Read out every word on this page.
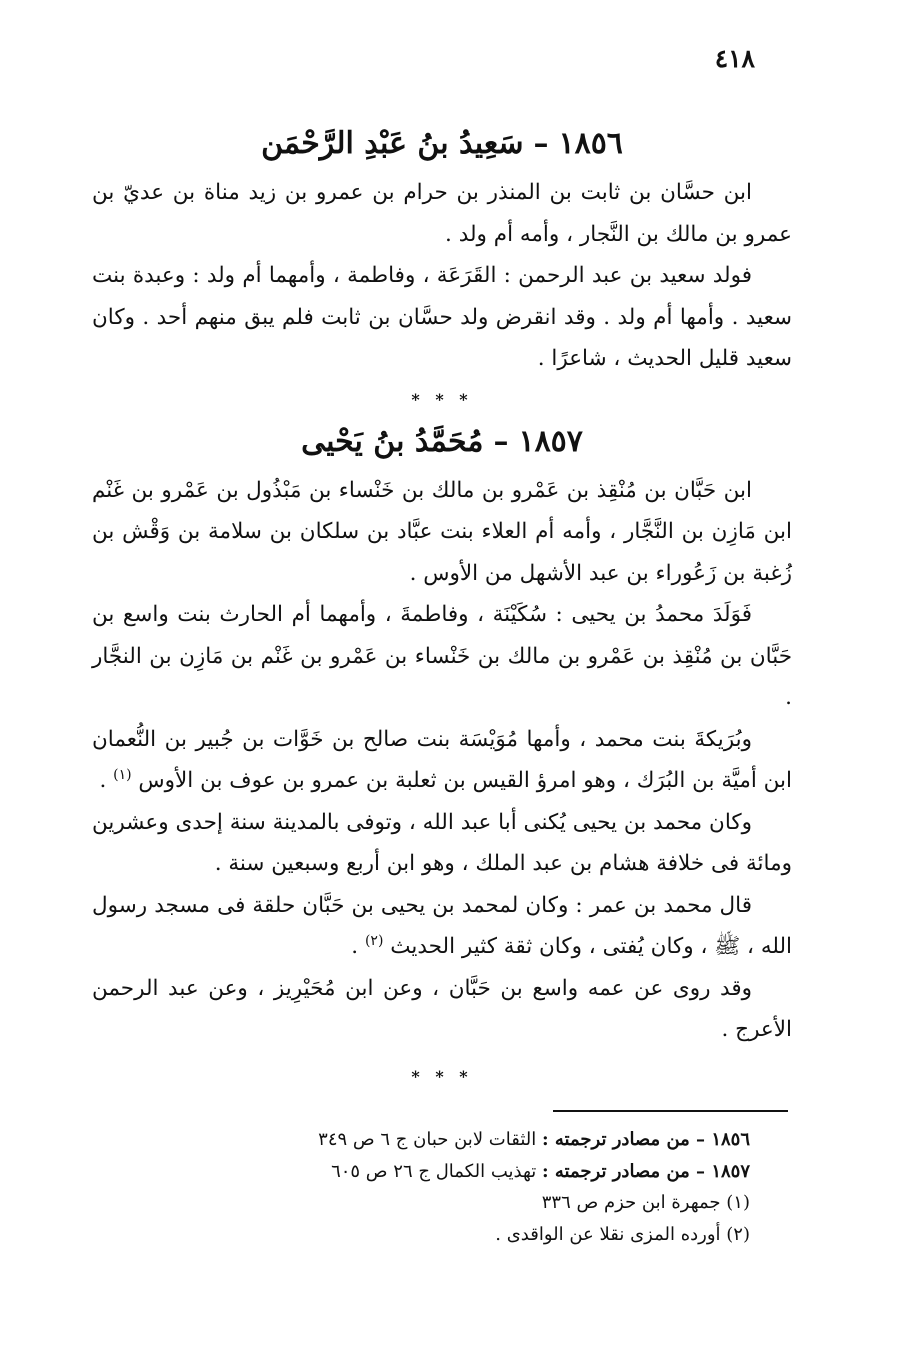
٤١٨
١٨٥٦–سَعِيدُ بنُ عَبْدِ الرَّحْمَن

ابن حسَّان بن ثابت بن المنذر بن حرام بن عمرو بن زيد مناة بن عديّ بن عمرو بن مالك بن النَّجار ، وأمه أم ولد .

فولد سعيد بن عبد الرحمن : القَرَعَة ، وفاطمة ، وأمهما أم ولد : وعبدة بنت سعيد . وأمها أم ولد . وقد انقرض ولد حسَّان بن ثابت فلم يبق منهم أحد . وكان سعيد قليل الحديث ، شاعرًا .

* * *
١٨٥٧–مُحَمَّدُ بنُ يَحْيى

ابن حَبَّان بن مُنْقِذ بن عَمْرو بن مالك بن خَنْساء بن مَبْذُول بن عَمْرو بن غَنْم ابن مَازِن بن النَّجَّار ، وأمه أم العلاء بنت عبَّاد بن سلكان بن سلامة بن وَقْش بن زُغبة بن زَعُوراء بن عبد الأشهل من الأوس .

فَوَلَدَ محمدُ بن يحيى : سُكَيْنَة ، وفاطمةَ ، وأمهما أم الحارث بنت واسع بن حَبَّان بن مُنْقِذ بن عَمْرو بن مالك بن خَنْساء بن عَمْرو بن غَنْم بن مَازِن بن النجَّار .

وبُرَيكةَ بنت محمد ، وأمها مُوَيْسَة بنت صالح بن خَوَّات بن جُبير بن النُّعمان ابن أميَّة بن البُرَك ، وهو امرؤ القيس بن ثعلبة بن عمرو بن عوف بن الأوس $^{(١)}$ .

وكان محمد بن يحيى يُكنى أبا عبد الله ، وتوفى بالمدينة سنة إحدى وعشرين ومائة فى خلافة هشام بن عبد الملك ، وهو ابن أربع وسبعين سنة .

قال محمد بن عمر : وكان لمحمد بن يحيى بن حَبَّان حلقة فى مسجد رسول الله ، ﷺ ، وكان يُفتى ، وكان ثقة كثير الحديث $^{(٢)}$ .

وقد روى عن عمه واسع بن حَبَّان ، وعن ابن مُحَيْرِيز ، وعن عبد الرحمن الأعرج .

* * *
١٨٥٦ – من مصادر ترجمته : الثقات لابن حبان ج ٦ ص ٣٤٩
١٨٥٧ – من مصادر ترجمته : تهذيب الكمال ج ٢٦ ص ٦٠٥
(١) جمهرة ابن حزم ص ٣٣٦
(٢) أورده المزى نقلا عن الواقدى .
